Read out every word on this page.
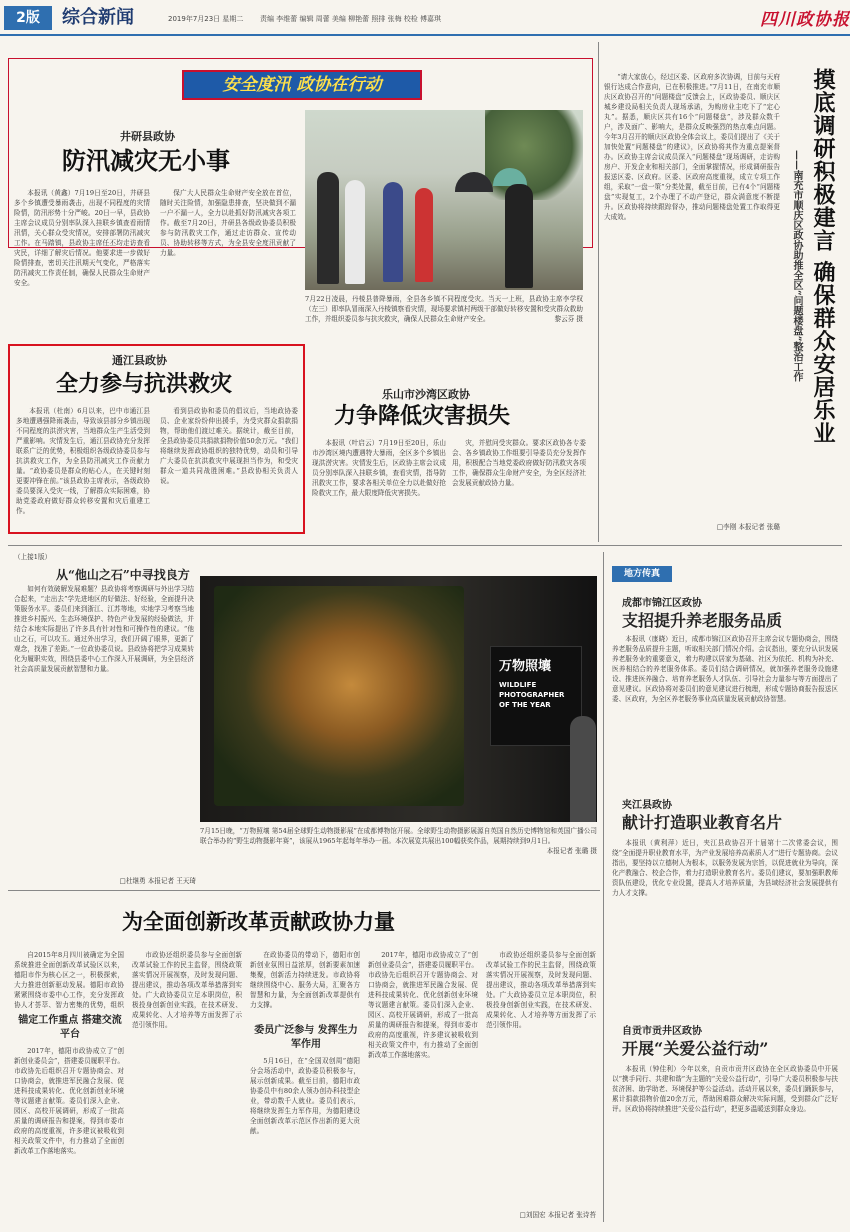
2版	综合新闻	2019年7月23日 星期二 责编 李维蕾 编辑 周蕾 美编 柳艳蕾 照排 张梅 校检 傅嘉琪	四川政协报
安全度汛 政协在行动
井研县政协
防汛减灾无小事

本报讯（黄鑫）7月19日至20日，井研县多个乡镇遭受暴雨袭击，出现不同程度的灾情险情，防汛形势十分严峻。20日一早，县政协主席会议成员分别率队深入挂联乡镇查看雨情汛情，关心群众受灾情况，安排部署防汛减灾工作。在马踏镇，县政协主席任丕均走访查看灾民，详细了解灾后情况。他要求进一步做好险情排查，密切关注汛期天气变化，严格落实防汛减灾工作责任制，确保人民群众生命财产安全。

保广大人民群众生命财产安全放在首位，随时关注险情，加强隐患排查，坚决做到不漏一户不漏一人，全力以赴抓好防汛减灾各项工作。截至7月20日，井研县各级政协委员积极参与防汛救灾工作，通过走访群众、宣传动员、协助转移等方式，为全县安全度汛贡献了力量。

7月22日凌晨，丹棱县普降暴雨，全县各乡镇不同程度受灾。当天一上班，县政协主席李学权（左三）即率队冒雨深入丹棱镇察看灾情，现场要求镇村两级干部做好转移安置和受灾群众救助工作，并组织委员参与抗灾救灾，确保人民群众生命财产安全。	黎云芬 摄
通江县政协
全力参与抗洪救灾

本报讯（杜南）6月以来，巴中市通江县多地遭遇强降雨袭击，导致该县部分乡镇出现不同程度的洪涝灾害，当地群众生产生活受到严重影响。灾情发生后，通江县政协充分发挥联系广泛的优势，积极组织各级政协委员参与抗洪救灾工作，为全县防汛减灾工作贡献力量。“政协委员是群众的贴心人，在关键时刻更要冲锋在前。”该县政协主席表示，各级政协委员要深入受灾一线，了解群众实际困难，协助党委政府做好群众转移安置和灾后重建工作。

看到县政协和委员的倡议后，当地政协委员、企业家纷纷伸出援手，为受灾群众捐款捐物，帮助他们渡过难关。据统计，截至目前，全县政协委员共捐款捐物价值50余万元。“我们将继续发挥政协组织的独特优势，动员和引导广大委员在抗洪救灾中展现担当作为，和受灾群众一道共同战胜困难。”县政协相关负责人说。

乐山市沙湾区政协
力争降低灾害损失

本报讯（叶启云）7月19日至20日，乐山市沙湾区境内遭遇特大暴雨，全区多个乡镇出现洪涝灾害。灾情发生后，区政协主席会议成员分别率队深入挂联乡镇，查看灾情，指导防汛救灾工作，要求各相关单位全力以赴做好抢险救灾工作，最大限度降低灾害损失。

灾，并慰问受灾群众。要求区政协各专委会、各乡镇政协工作组要引导委员充分发挥作用，积极配合当地党委政府做好防汛救灾各项工作，确保群众生命财产安全，为全区经济社会发展贡献政协力量。

“请大家放心，经过区委、区政府多次协调，目前与天府银行达成合作意向，已在积极推进。”7月11日，在南充市顺庆区政协召开的“问题楼盘”反馈会上，区政协委员、顺庆区城乡建设局相关负责人现场承诺，为购房业主吃下了“定心丸”。据悉，顺庆区共有16个“问题楼盘”，涉及群众数千户，涉及面广、影响大，是群众反映强烈的热点难点问题。今年3月召开的顺庆区政协全体会议上，委员们提出了《关于加快处置“问题楼盘”的建议》，区政协将其作为重点提案督办。区政协主席会议成员深入“问题楼盘”现场调研，走访购房户、开发企业和相关部门，全面掌握情况，形成调研报告报送区委、区政府。区委、区政府高度重视，成立专项工作组，采取“一盘一策”分类处置，截至目前，已有4个“问题楼盘”实现复工，2个办理了不动产登记，群众满意度不断提升。区政协将持续跟踪督办，推动问题楼盘处置工作取得更大成效。	摸底调研积极建言 确保群众安居乐业
——南充市顺庆区政协助推全区“问题楼盘”整治工作
□李刚 本报记者 张璐
（上接1版）
从“他山之石”中寻找良方

如何有效破解发展难题？县政协将考察调研与外出学习结合起来，“走出去”学先进地区的好做法、好经验，全面提升决策服务水平。委员们来到浙江、江苏等地，实地学习考察当地推进乡村振兴、生态环境保护、特色产业发展的经验做法，并结合本地实际提出了许多具有针对性和可操作性的建议。“他山之石，可以攻玉。通过外出学习，我们开阔了眼界，更新了观念，找准了差距。”一位政协委员说。县政协将把学习成果转化为履职实效，围绕县委中心工作深入开展调研，为全县经济社会高质量发展贡献智慧和力量。

□杜继勇 本报记者 王天琦
万物照壤
WILDLIFE
PHOTOGRAPHER
OF THE YEAR
7月15日晚，“万物照壤 第54届全球野生动物摄影展”在成都博物馆开展。全球野生动物摄影展源自英国自然历史博物馆和英国广播公司联合举办的“野生动物摄影年赛”，该展从1965年起每年举办一届。本次展览共展出100幅获奖作品，展期持续到9月1日。
本报记者 张璐 摄
地方传真
成都市锦江区政协
支招提升养老服务品质

本报讯（康晓）近日，成都市锦江区政协召开主席会议专题协商会，围绕养老服务品质提升主题，听取相关部门情况介绍。会议指出，要充分认识发展养老服务业的重要意义，着力构建以居家为基础、社区为依托、机构为补充、医养相结合的养老服务体系。委员们结合调研情况，就加强养老服务设施建设、推进医养融合、培育养老服务人才队伍、引导社会力量参与等方面提出了意见建议。区政协将对委员们的意见建议进行梳理，形成专题协商报告报送区委、区政府，为全区养老服务事业高质量发展贡献政协智慧。

夹江县政协
献计打造职业教育名片

本报讯（黄利萍）近日，夹江县政协召开十届第十二次常委会议，围绕“全面提升职业教育水平，为产业发展培养高素质人才”进行专题协商。会议指出，要坚持以立德树人为根本，以服务发展为宗旨，以促进就业为导向，深化产教融合、校企合作，着力打造职业教育名片。委员们建议，要加强职教师资队伍建设，优化专业设置，提高人才培养质量，为县域经济社会发展提供有力人才支撑。

自贡市贡井区政协
开展“关爱公益行动”

本报讯（钟佳利）今年以来，自贡市贡井区政协在全区政协委员中开展以“携手同行、共建和谐”为主题的“关爱公益行动”，引导广大委员积极参与扶贫济困、助学助老、环境保护等公益活动。活动开展以来，委员们踊跃参与，累计捐款捐物价值20余万元，帮助困难群众解决实际问题，受到群众广泛好评。区政协将持续推进“关爱公益行动”，把更多温暖送到群众身边。

为全面创新改革贡献政协力量

自2015年8月四川被确定为全国系统推进全面创新改革试验区以来，德阳市作为核心区之一，积极探索，大力推进创新驱动发展。德阳市政协紧紧围绕市委中心工作，充分发挥政协人才荟萃、智力密集的优势，组织

锚定工作重点 搭建交流平台

2017年，德阳市政协成立了“创新创业委员会”，搭建委员履职平台。市政协先后组织召开专题协商会、对口协商会，就推进军民融合发展、促进科技成果转化、优化创新创业环境等议题建言献策。委员们深入企业、园区、高校开展调研，形成了一批高质量的调研报告和提案，得到市委市政府的高度重视，许多建议被吸收到相关政策文件中，有力推动了全面创新改革工作落地落实。

市政协还组织委员参与全面创新改革试验工作的民主监督，围绕政策落实情况开展视察，及时发现问题、提出建议，推动各项改革举措落到实处。广大政协委员立足本职岗位，积极投身创新创业实践，在技术研发、成果转化、人才培养等方面发挥了示范引领作用。

在政协委员的带动下，德阳市创新创业氛围日益浓厚，创新要素加速集聚，创新活力持续迸发。市政协将继续围绕中心、服务大局，汇聚各方智慧和力量，为全面创新改革提供有力支撑。

委员广泛参与 发挥生力军作用

5月16日，在“全国双创周”德阳分会场活动中，政协委员积极参与，展示创新成果。截至目前，德阳市政协委员中有80余人领办创办科技型企业，带动数千人就业。委员们表示，将继续发挥生力军作用，为德阳建设全面创新改革示范区作出新的更大贡献。

2017年，德阳市政协成立了“创新创业委员会”，搭建委员履职平台。市政协先后组织召开专题协商会、对口协商会，就推进军民融合发展、促进科技成果转化、优化创新创业环境等议题建言献策。委员们深入企业、园区、高校开展调研，形成了一批高质量的调研报告和提案，得到市委市政府的高度重视，许多建议被吸收到相关政策文件中，有力推动了全面创新改革工作落地落实。

市政协还组织委员参与全面创新改革试验工作的民主监督，围绕政策落实情况开展视察，及时发现问题、提出建议，推动各项改革举措落到实处。广大政协委员立足本职岗位，积极投身创新创业实践，在技术研发、成果转化、人才培养等方面发挥了示范引领作用。

□刘国宏 本报记者 张诗苔
